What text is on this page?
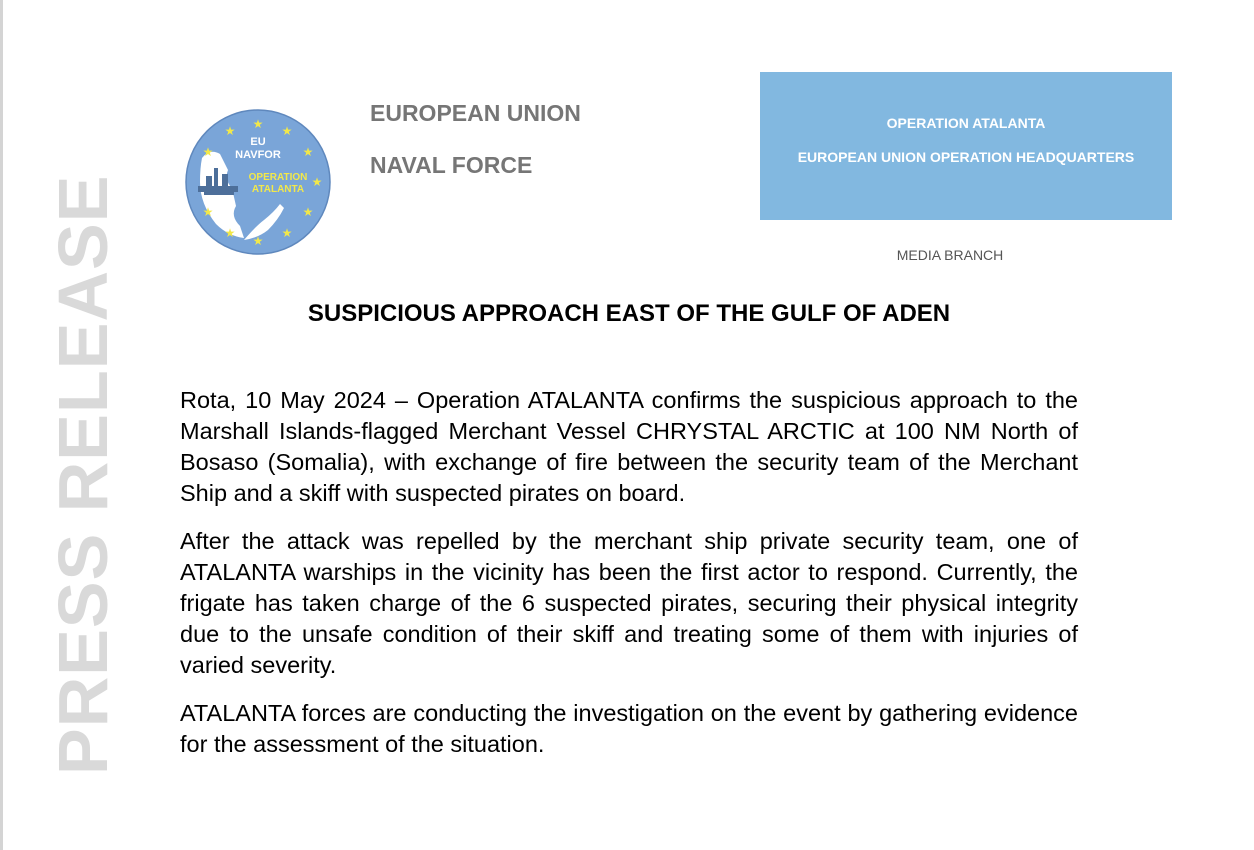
PRESS RELEASE
★ ★ ★
★
★
★
★
★
★
★
★
EU
NAVFOR
OPERATION
ATALANTA
EUROPEAN UNION
NAVAL FORCE
OPERATION ATALANTA
EUROPEAN UNION OPERATION HEADQUARTERS
MEDIA BRANCH
SUSPICIOUS APPROACH EAST OF THE GULF OF ADEN

Rota, 10 May 2024 – Operation ATALANTA confirms the suspicious approach to the Marshall Islands-flagged Merchant Vessel CHRYSTAL ARCTIC at 100 NM North of Bosaso (Somalia), with exchange of fire between the security team of the Merchant Ship and a skiff with suspected pirates on board.

After the attack was repelled by the merchant ship private security team, one of ATALANTA warships in the vicinity has been the first actor to respond. Currently, the frigate has taken charge of the 6 suspected pirates, securing their physical integrity due to the unsafe condition of their skiff and treating some of them with injuries of varied severity.

ATALANTA forces are conducting the investigation on the event by gathering evidence for the assessment of the situation.
